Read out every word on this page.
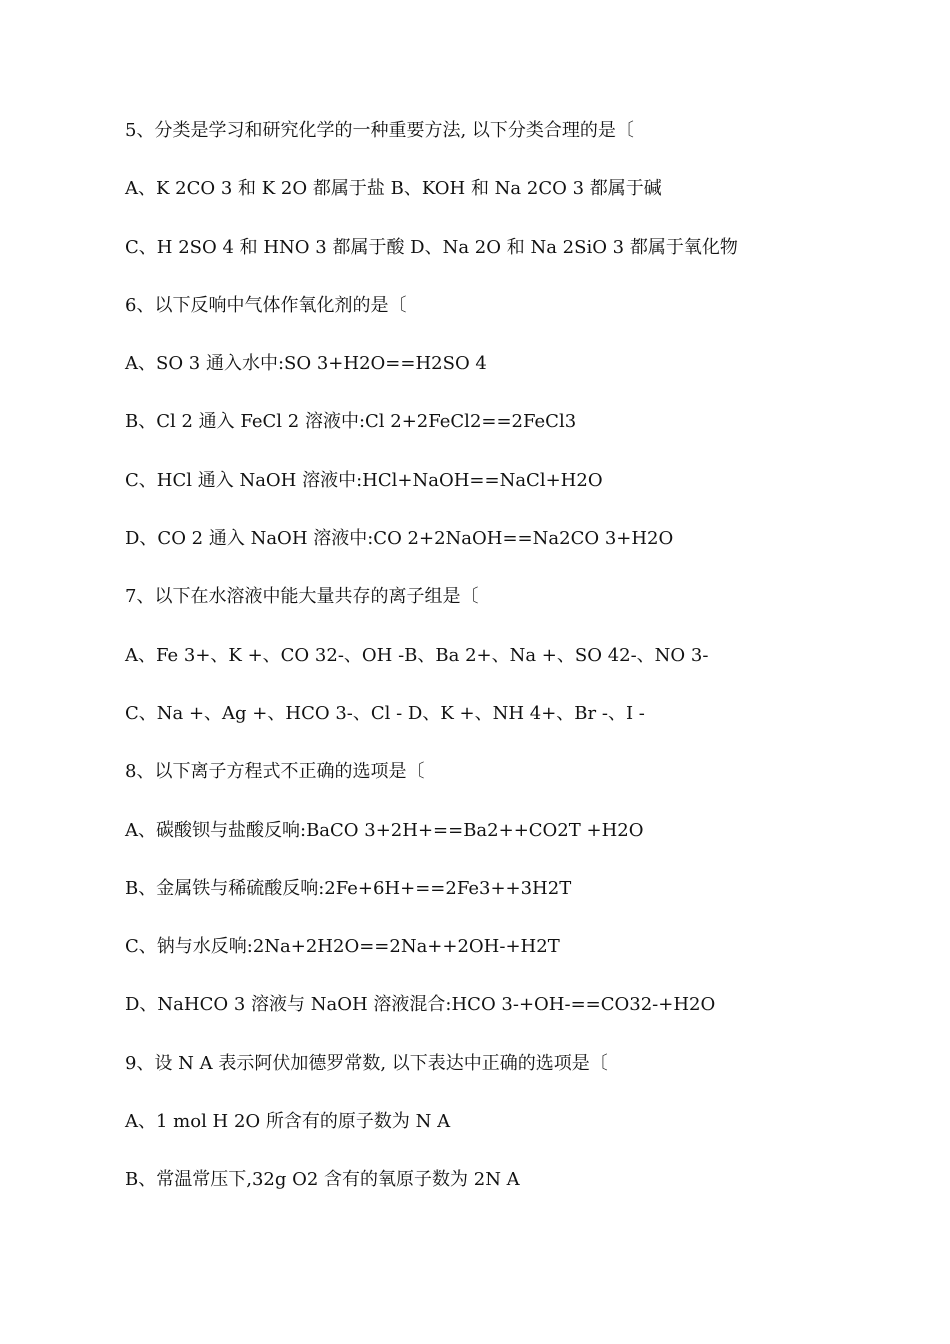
5、分类是学习和研究化学的一种重要方法, 以下分类合理的是〔
A、K 2CO 3 和 K 2O 都属于盐 B、KOH 和 Na 2CO 3 都属于碱
C、H 2SO 4 和 HNO 3 都属于酸 D、Na 2O 和 Na 2SiO 3 都属于氧化物
6、以下反响中气体作氧化剂的是〔
A、SO 3 通入水中:SO 3+H2O==H2SO 4
B、Cl 2 通入 FeCl 2 溶液中:Cl 2+2FeCl2==2FeCl3
C、HCl 通入 NaOH 溶液中:HCl+NaOH==NaCl+H2O
D、CO 2 通入 NaOH 溶液中:CO 2+2NaOH==Na2CO 3+H2O
7、以下在水溶液中能大量共存的离子组是〔
A、Fe 3+、K +、CO 32-、OH -B、Ba 2+、Na +、SO 42-、NO 3-
C、Na +、Ag +、HCO 3-、Cl - D、K +、NH 4+、Br -、I -
8、以下离子方程式不正确的选项是〔
A、碳酸钡与盐酸反响:BaCO 3+2H+==Ba2++CO2T +H2O
B、金属铁与稀硫酸反响:2Fe+6H+==2Fe3++3H2T
C、钠与水反响:2Na+2H2O==2Na++2OH-+H2T
D、NaHCO 3 溶液与 NaOH 溶液混合:HCO 3-+OH-==CO32-+H2O
9、设 N A 表示阿伏加德罗常数, 以下表达中正确的选项是〔
A、1 mol H 2O 所含有的原子数为 N A
B、常温常压下,32g O2 含有的氧原子数为 2N A
